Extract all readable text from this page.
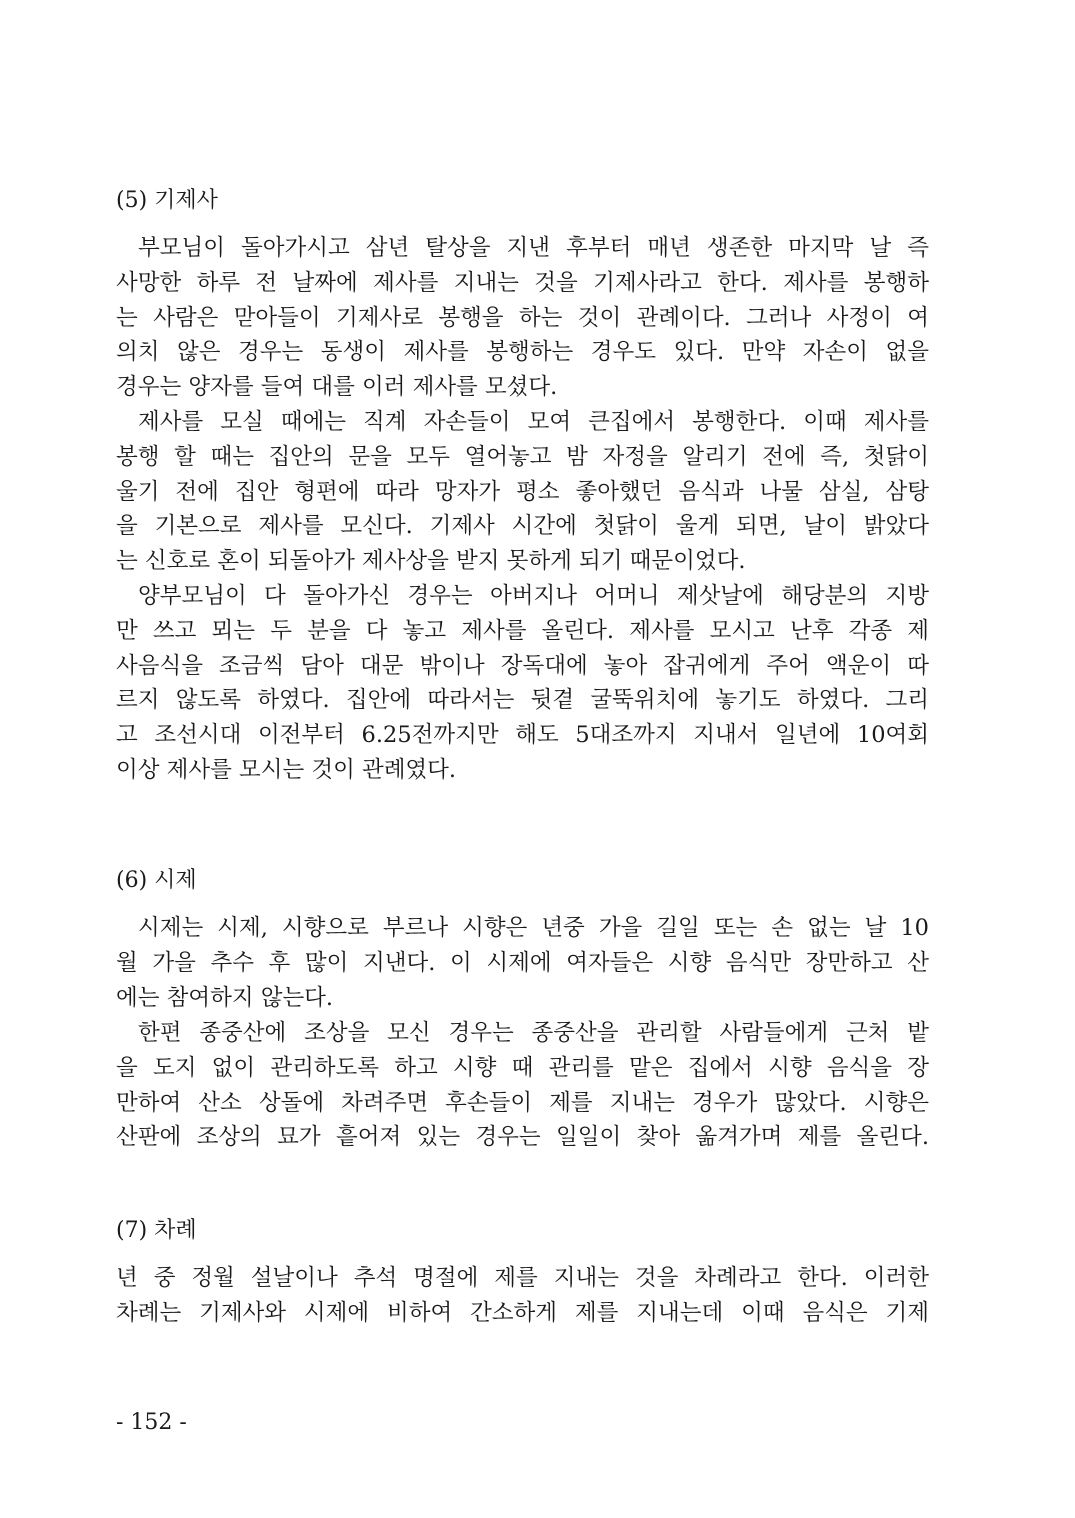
(5) 기제사

부모님이 돌아가시고 삼년 탈상을 지낸 후부터 매년 생존한 마지막 날 즉

사망한 하루 전 날짜에 제사를 지내는 것을 기제사라고 한다. 제사를 봉행하
는 사람은 맏아들이 기제사로 봉행을 하는 것이 관례이다. 그러나 사정이 여
의치 않은 경우는 동생이 제사를 봉행하는 경우도 있다. 만약 자손이 없을
경우는 양자를 들여 대를 이러 제사를 모셨다.

제사를 모실 때에는 직계 자손들이 모여 큰집에서 봉행한다. 이때 제사를

봉행 할 때는 집안의 문을 모두 열어놓고 밤 자정을 알리기 전에 즉, 첫닭이
울기 전에 집안 형편에 따라 망자가 평소 좋아했던 음식과 나물 삼실, 삼탕
을 기본으로 제사를 모신다. 기제사 시간에 첫닭이 울게 되면, 날이 밝았다
는 신호로 혼이 되돌아가 제사상을 받지 못하게 되기 때문이었다.

양부모님이 다 돌아가신 경우는 아버지나 어머니 제삿날에 해당분의 지방

만 쓰고 뫼는 두 분을 다 놓고 제사를 올린다. 제사를 모시고 난후 각종 제
사음식을 조금씩 담아 대문 밖이나 장독대에 놓아 잡귀에게 주어 액운이 따
르지 않도록 하였다. 집안에 따라서는 뒷곁 굴뚝위치에 놓기도 하였다. 그리
고 조선시대 이전부터 6.25전까지만 해도 5대조까지 지내서 일년에 10여회
이상 제사를 모시는 것이 관례였다.

(6) 시제

시제는 시제, 시향으로 부르나 시향은 년중 가을 길일 또는 손 없는 날 10

월 가을 추수 후 많이 지낸다. 이 시제에 여자들은 시향 음식만 장만하고 산
에는 참여하지 않는다.

한편 종중산에 조상을 모신 경우는 종중산을 관리할 사람들에게 근처 밭

을 도지 없이 관리하도록 하고 시향 때 관리를 맡은 집에서 시향 음식을 장
만하여 산소 상돌에 차려주면 후손들이 제를 지내는 경우가 많았다. 시향은
산판에 조상의 묘가 흩어져 있는 경우는 일일이 찾아 옮겨가며 제를 올린다.

(7) 차례

년 중 정월 설날이나 추석 명절에 제를 지내는 것을 차례라고 한다. 이러한
차례는 기제사와 시제에 비하여 간소하게 제를 지내는데 이때 음식은 기제

- 152 -
